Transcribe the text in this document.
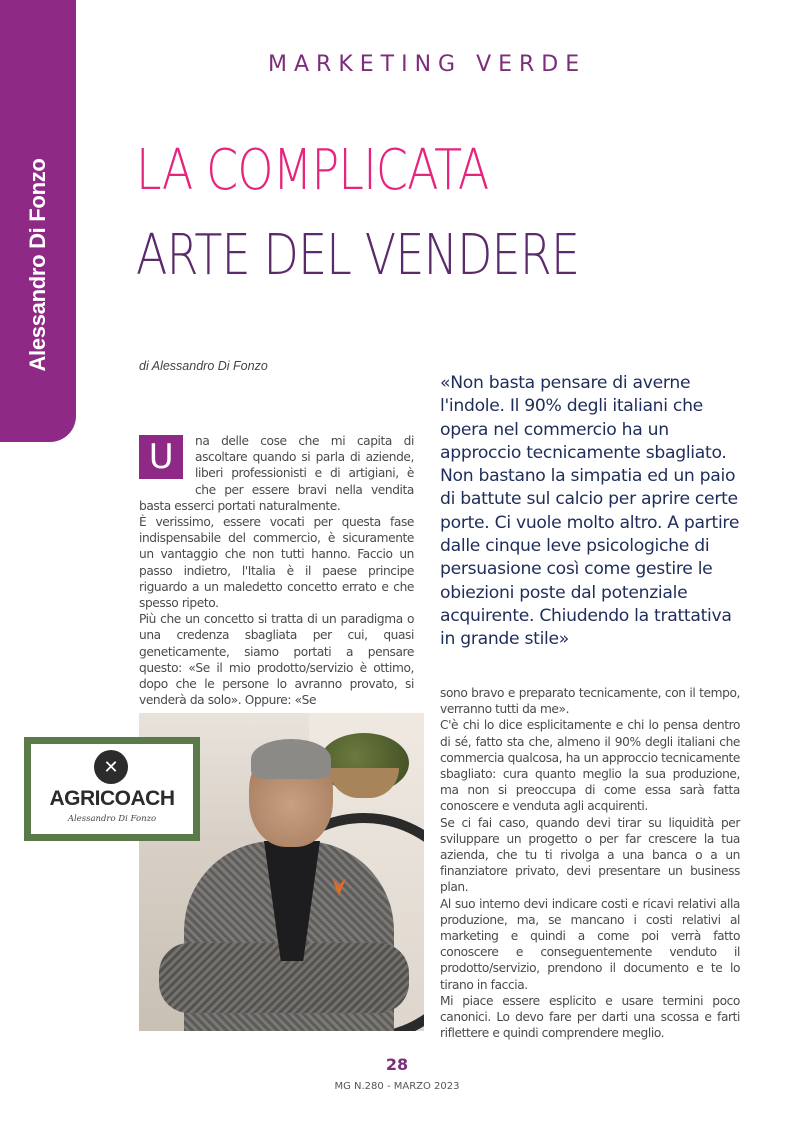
Alessandro Di Fonzo
MARKETING VERDE
LA COMPLICATA
ARTE DEL VENDERE
di Alessandro Di Fonzo
«Non basta pensare di averne l'indole. Il 90% degli italiani che opera nel commercio ha un approccio tecnicamente sbagliato. Non bastano la simpatia ed un paio di battute sul calcio per aprire certe porte. Ci vuole molto altro. A partire dalle cinque leve psicologiche di persuasione così come gestire le obiezioni poste dal potenziale acquirente. Chiudendo la trattativa in grande stile»
U	na delle cose che mi capita di ascoltare quando si parla di aziende, liberi professionisti e di artigiani, è che per essere bravi nella vendita basta esserci portati naturalmente.

È verissimo, essere vocati per questa fase indispensabile del commercio, è sicuramente un vantaggio che non tutti hanno. Faccio un passo indietro, l'Italia è il paese principe riguardo a un maledetto concetto errato e che spesso ripeto.

Più che un concetto si tratta di un paradigma o una credenza sbagliata per cui, quasi geneticamente, siamo portati a pensare questo: «Se il mio prodotto/servizio è ottimo, dopo che le persone lo avranno provato, si venderà da solo». Oppure: «Se

✕
AGRICOACH
Alessandro Di Fonzo

sono bravo e preparato tecnicamente, con il tempo, verranno tutti da me».

C'è chi lo dice esplicitamente e chi lo pensa dentro di sé, fatto sta che, almeno il 90% degli italiani che commercia qualcosa, ha un approccio tecnicamente sbagliato: cura quanto meglio la sua produzione, ma non si preoccupa di come essa sarà fatta conoscere e venduta agli acquirenti.

Se ci fai caso, quando devi tirar su liquidità per sviluppare un progetto o per far crescere la tua azienda, che tu ti rivolga a una banca o a un finanziatore privato, devi presentare un business plan.

Al suo interno devi indicare costi e ricavi relativi alla produzione, ma, se mancano i costi relativi al marketing e quindi a come poi verrà fatto conoscere e conseguentemente venduto il prodotto/servizio, prendono il documento e te lo tirano in faccia.

Mi piace essere esplicito e usare termini poco canonici. Lo devo fare per darti una scossa e farti riflettere e quindi comprendere meglio.

28
MG N.280 - MARZO 2023
